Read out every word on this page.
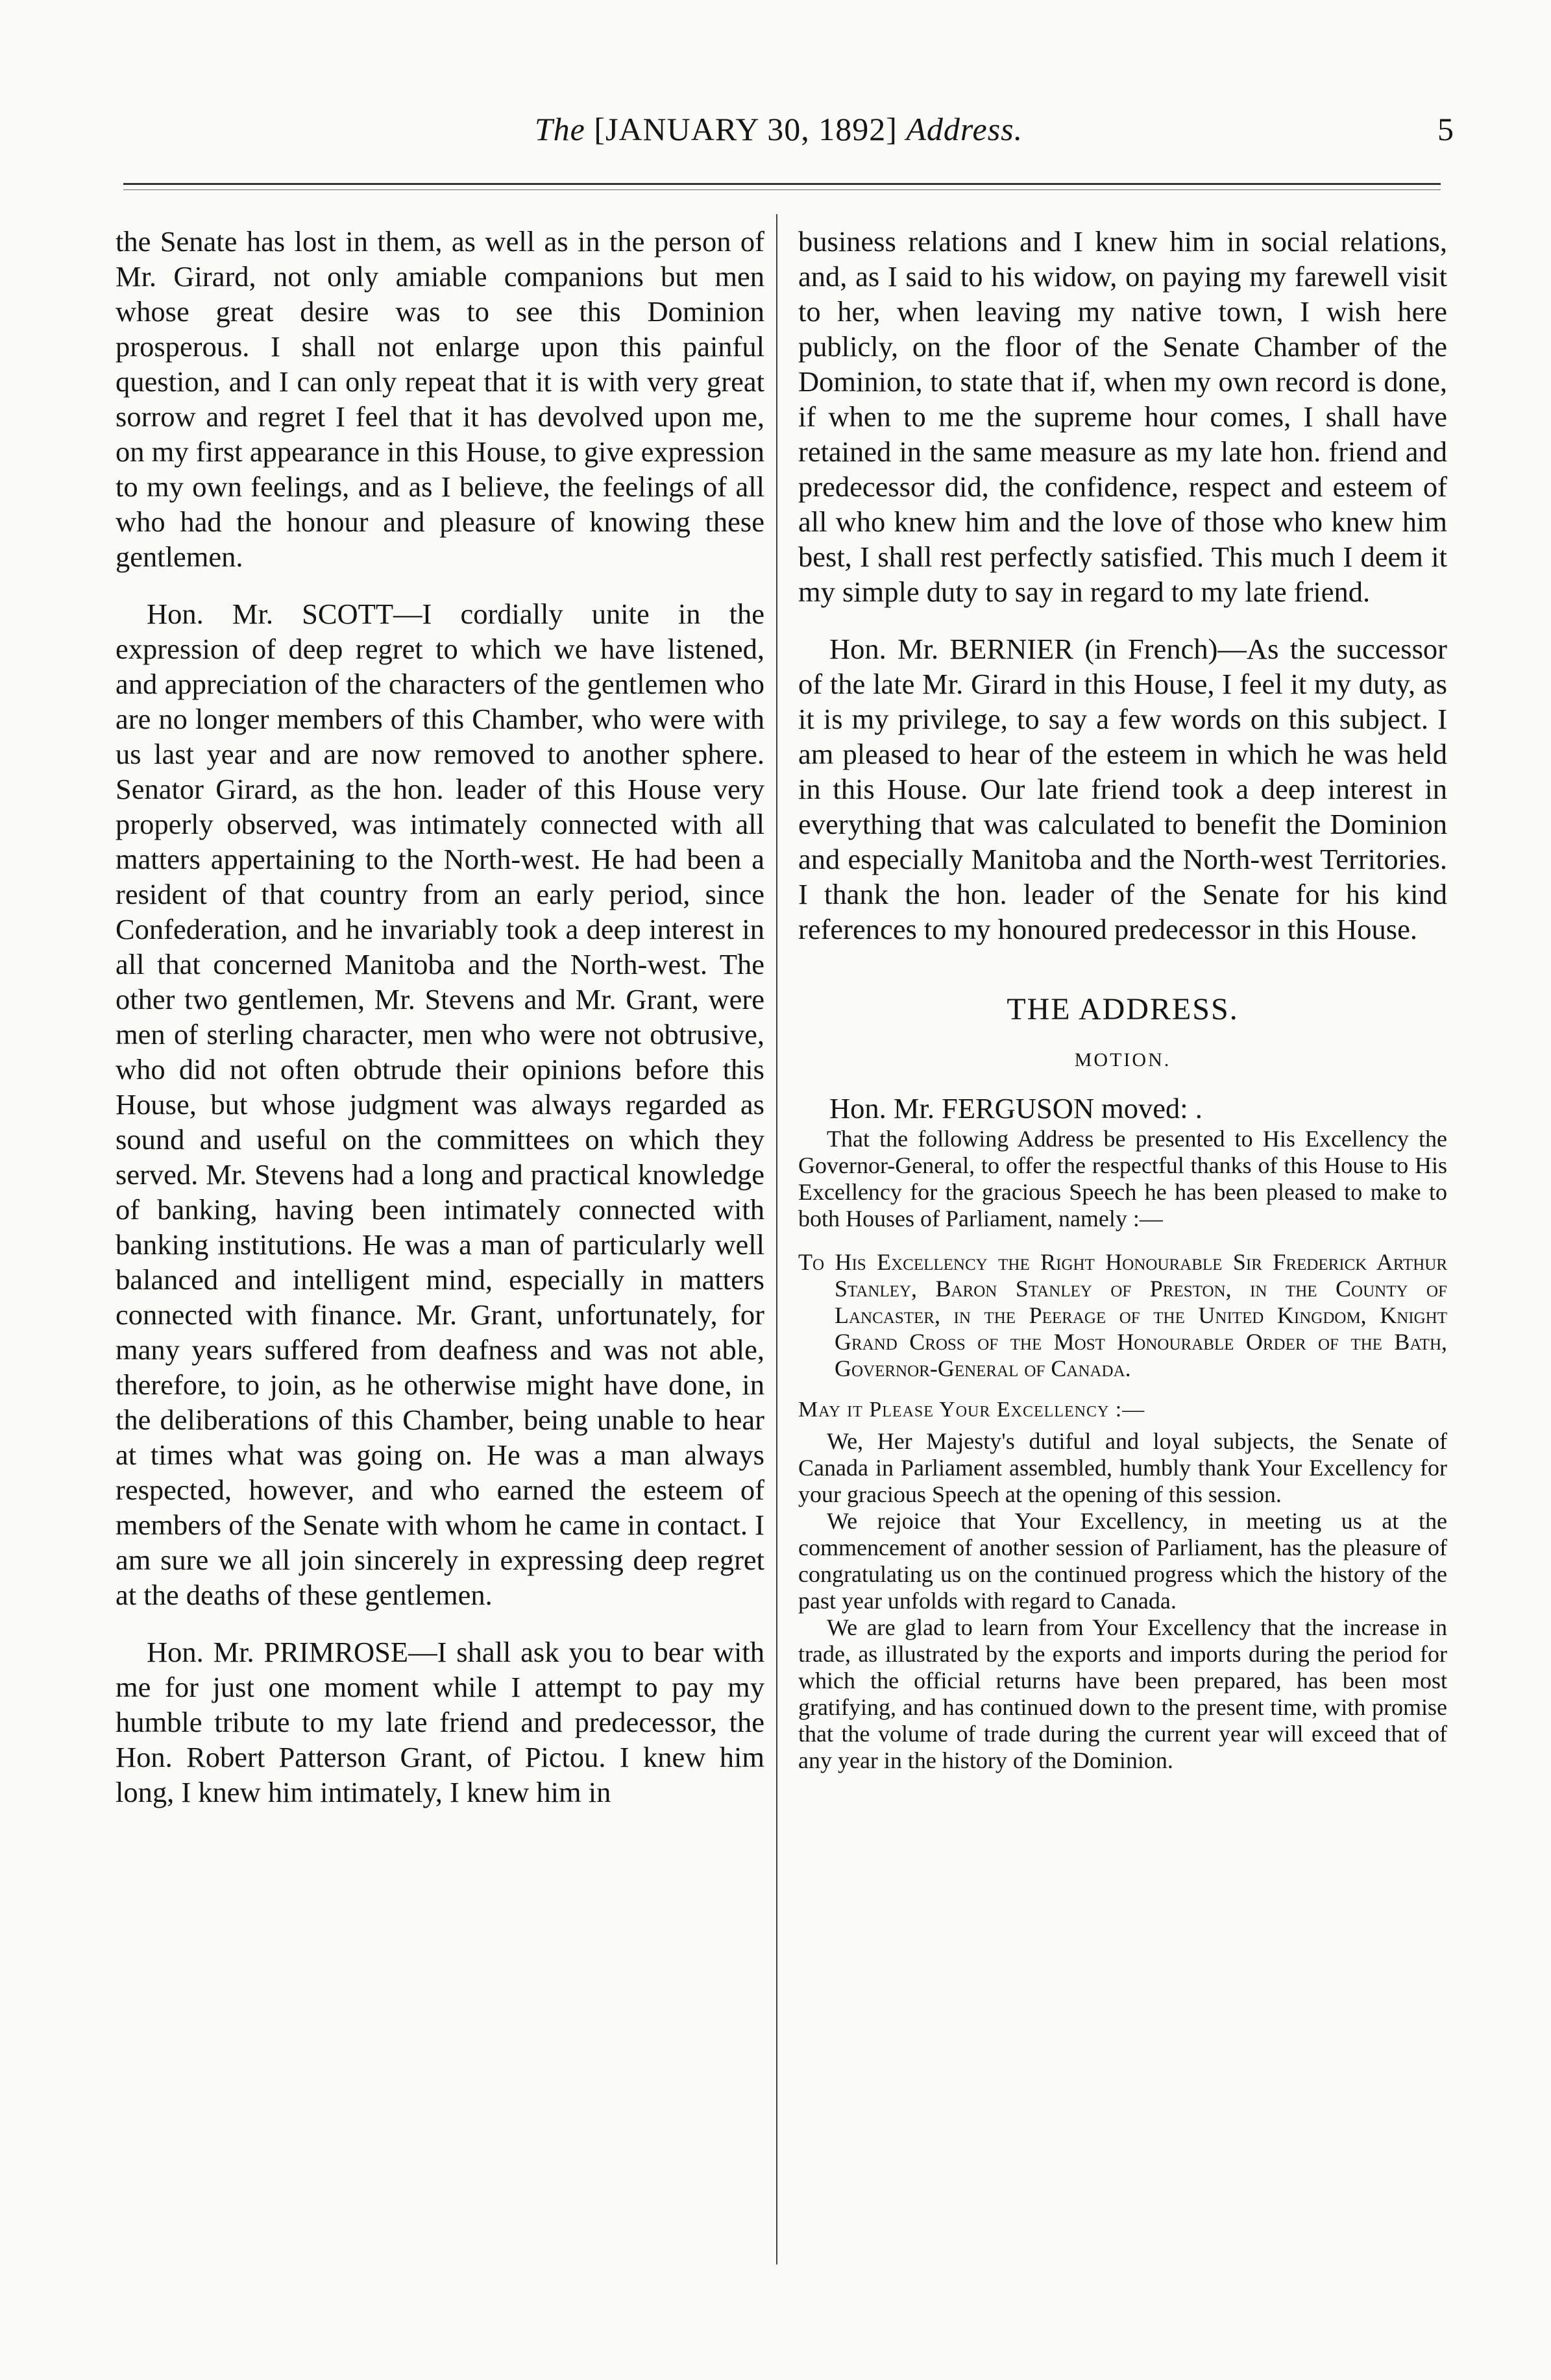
The [JANUARY 30, 1892] Address.	5

the Senate has lost in them, as well as in the person of Mr. Girard, not only amiable companions but men whose great desire was to see this Dominion prosperous. I shall not enlarge upon this painful question, and I can only repeat that it is with very great sorrow and regret I feel that it has devolved upon me, on my first appearance in this House, to give expression to my own feelings, and as I believe, the feelings of all who had the honour and pleasure of knowing these gentlemen.

Hon. Mr. SCOTT—I cordially unite in the expression of deep regret to which we have listened, and appreciation of the characters of the gentlemen who are no longer members of this Chamber, who were with us last year and are now removed to another sphere. Senator Girard, as the hon. leader of this House very properly observed, was intimately connected with all matters appertaining to the North-west. He had been a resident of that country from an early period, since Confederation, and he invariably took a deep interest in all that concerned Manitoba and the North-west. The other two gentlemen, Mr. Stevens and Mr. Grant, were men of sterling character, men who were not obtrusive, who did not often obtrude their opinions before this House, but whose judgment was always regarded as sound and useful on the committees on which they served. Mr. Stevens had a long and practical knowledge of banking, having been intimately connected with banking institutions. He was a man of particularly well balanced and intelligent mind, especially in matters connected with finance. Mr. Grant, unfortunately, for many years suffered from deafness and was not able, therefore, to join, as he otherwise might have done, in the deliberations of this Chamber, being unable to hear at times what was going on. He was a man always respected, however, and who earned the esteem of members of the Senate with whom he came in contact. I am sure we all join sincerely in expressing deep regret at the deaths of these gentlemen.

Hon. Mr. PRIMROSE—I shall ask you to bear with me for just one moment while I attempt to pay my humble tribute to my late friend and predecessor, the Hon. Robert Patterson Grant, of Pictou. I knew him long, I knew him intimately, I knew him in

business relations and I knew him in social relations, and, as I said to his widow, on paying my farewell visit to her, when leaving my native town, I wish here publicly, on the floor of the Senate Chamber of the Dominion, to state that if, when my own record is done, if when to me the supreme hour comes, I shall have retained in the same measure as my late hon. friend and predecessor did, the confidence, respect and esteem of all who knew him and the love of those who knew him best, I shall rest perfectly satisfied. This much I deem it my simple duty to say in regard to my late friend.

Hon. Mr. BERNIER (in French)—As the successor of the late Mr. Girard in this House, I feel it my duty, as it is my privilege, to say a few words on this subject. I am pleased to hear of the esteem in which he was held in this House. Our late friend took a deep interest in everything that was calculated to benefit the Dominion and especially Manitoba and the North-west Territories. I thank the hon. leader of the Senate for his kind references to my honoured predecessor in this House.

THE ADDRESS.
MOTION.

Hon. Mr. FERGUSON moved: .

That the following Address be presented to His Excellency the Governor-General, to offer the respectful thanks of this House to His Excellency for the gracious Speech he has been pleased to make to both Houses of Parliament, namely :—

To His Excellency the Right Honourable Sir Frederick Arthur Stanley, Baron Stanley of Preston, in the County of Lancaster, in the Peerage of the United Kingdom, Knight Grand Cross of the Most Honourable Order of the Bath, Governor-General of Canada.
May it Please Your Excellency :—

We, Her Majesty's dutiful and loyal subjects, the Senate of Canada in Parliament assembled, humbly thank Your Excellency for your gracious Speech at the opening of this session.

We rejoice that Your Excellency, in meeting us at the commencement of another session of Parliament, has the pleasure of congratulating us on the continued progress which the history of the past year unfolds with regard to Canada.

We are glad to learn from Your Excellency that the increase in trade, as illustrated by the exports and imports during the period for which the official returns have been prepared, has been most gratifying, and has continued down to the present time, with promise that the volume of trade during the current year will exceed that of any year in the history of the Dominion.
